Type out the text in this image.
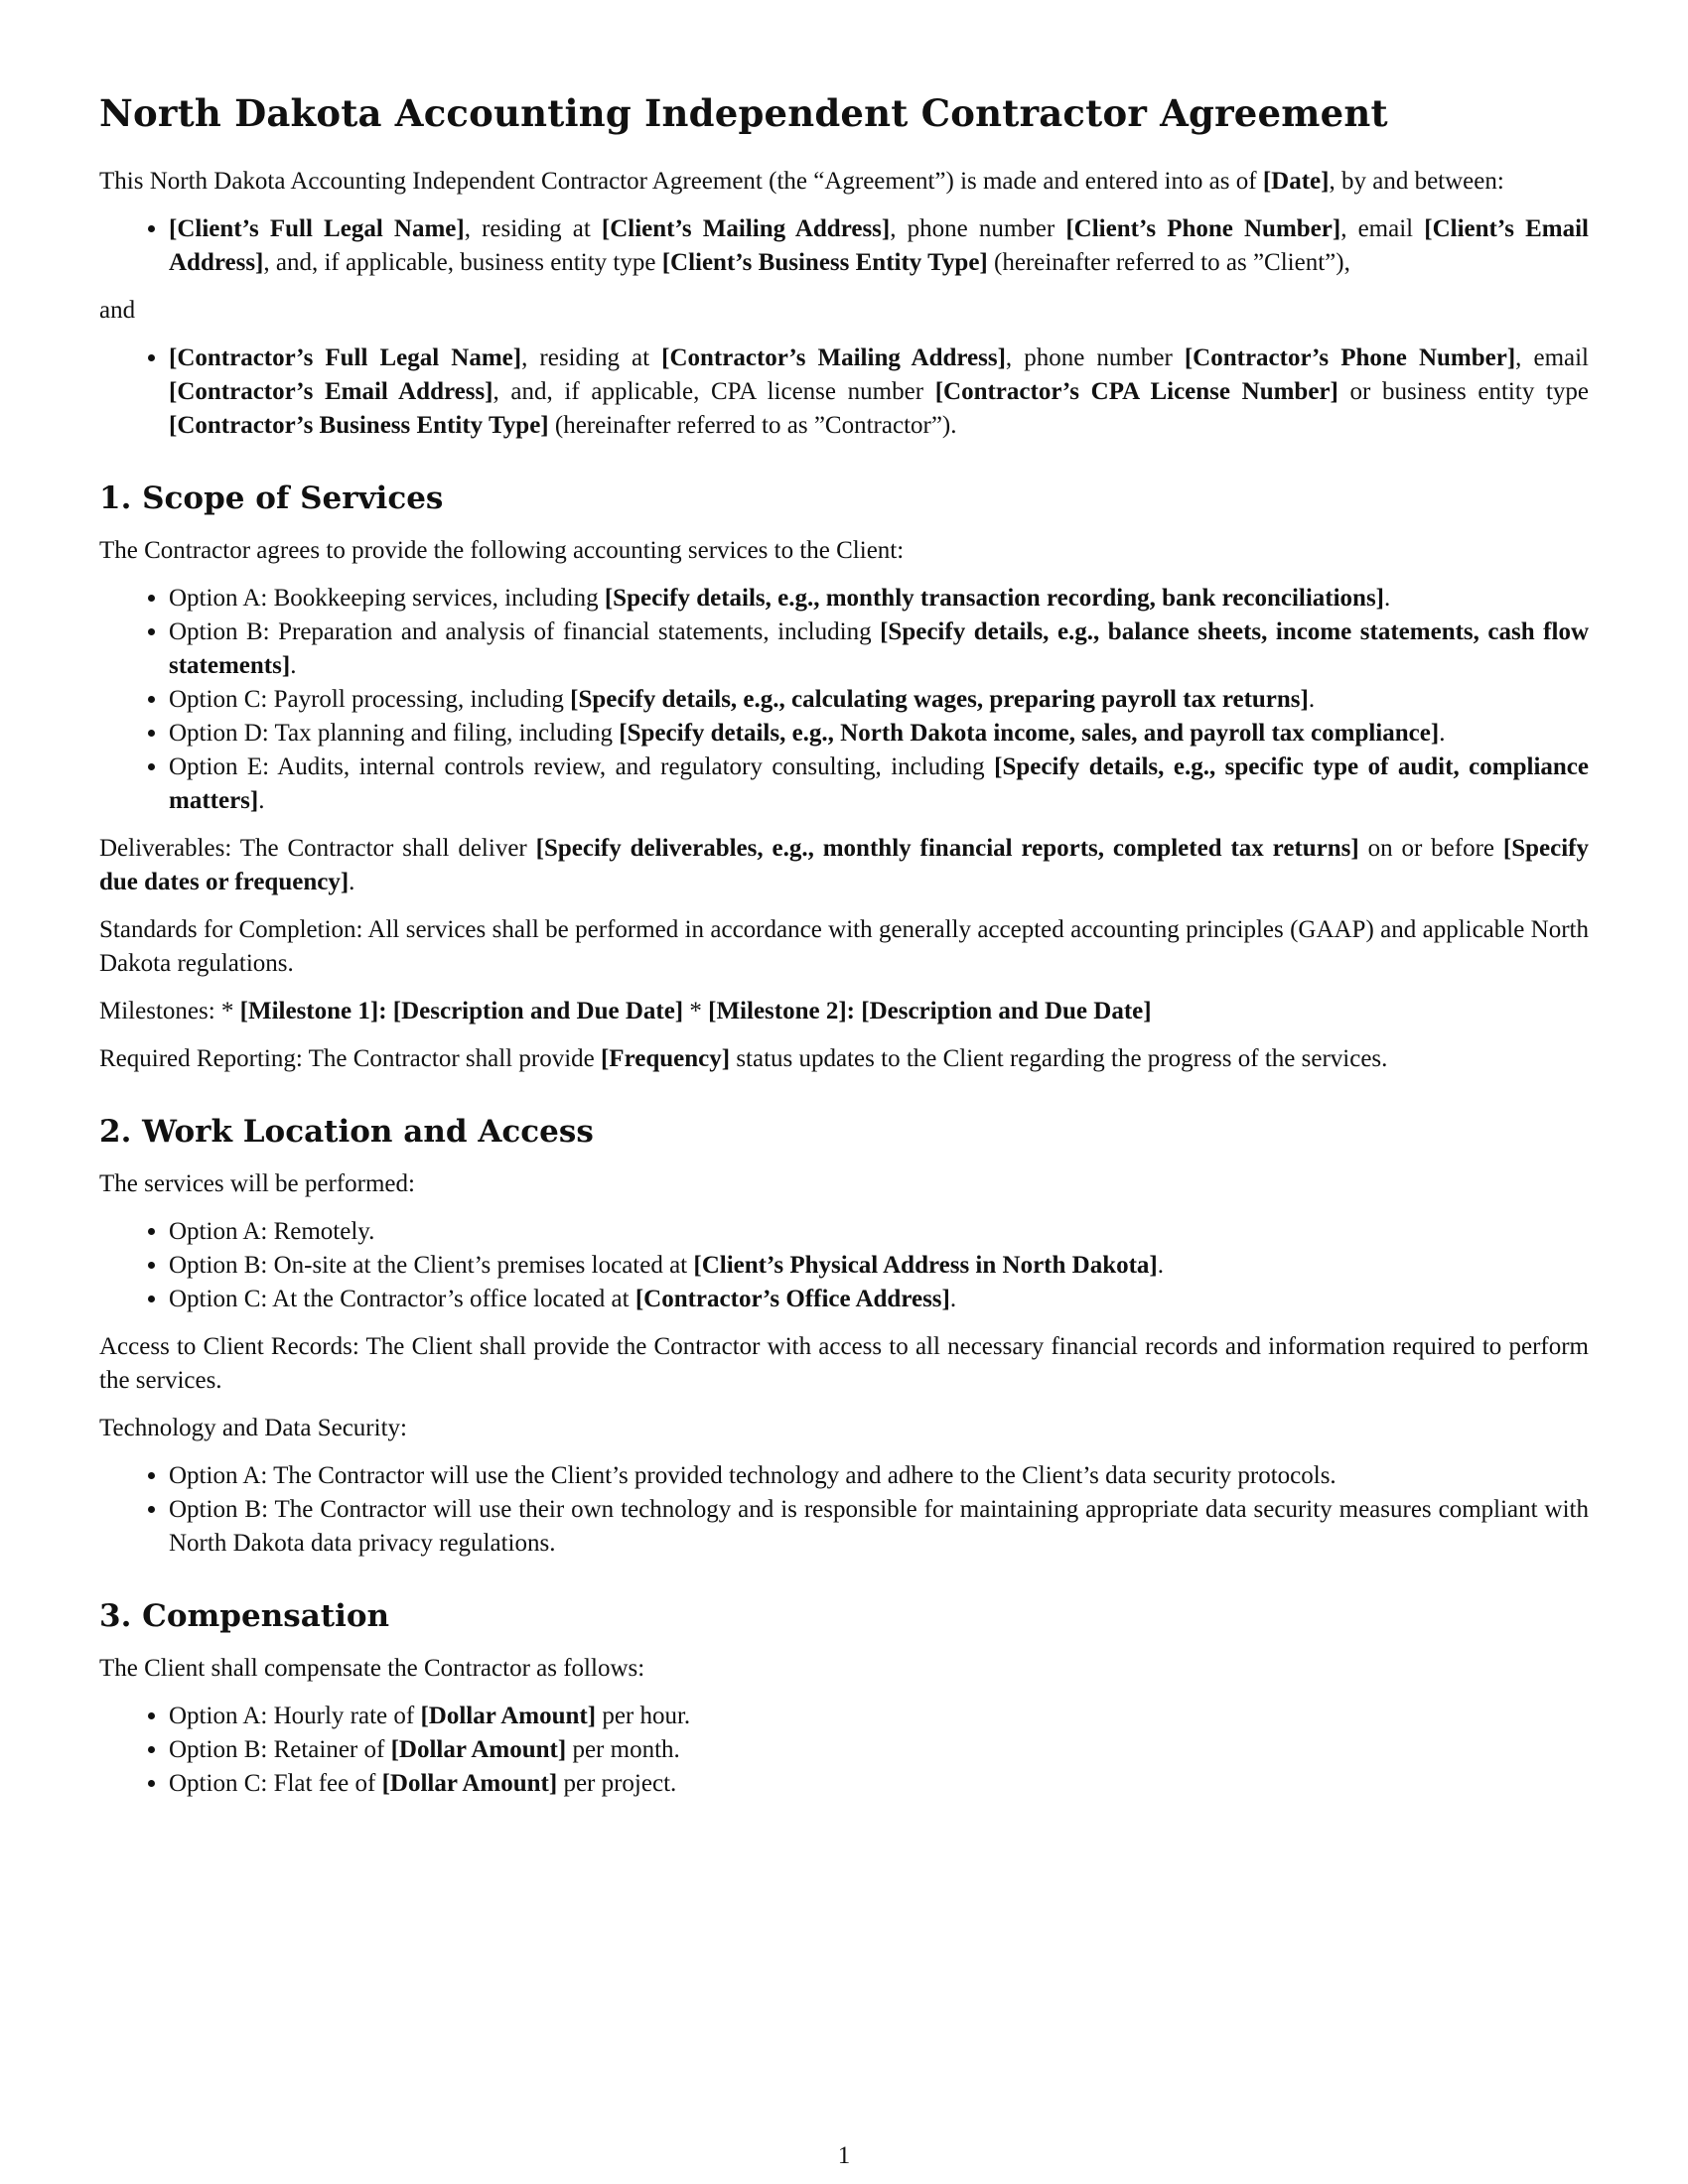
North Dakota Accounting Independent Contractor Agreement

This North Dakota Accounting Independent Contractor Agreement (the “Agreement”) is made and entered into as of [Date], by and between:

• [Client’s Full Legal Name], residing at [Client’s Mailing Address], phone number [Client’s Phone Number], email [Client’s Email Address], and, if applicable, business entity type [Client’s Business Entity Type] (hereinafter referred to as ”Client”),

and

• [Contractor’s Full Legal Name], residing at [Contractor’s Mailing Address], phone number [Contractor’s Phone Number], email [Contractor’s Email Address], and, if applicable, CPA license number [Contractor’s CPA License Number] or business entity type [Contractor’s Business Entity Type] (hereinafter referred to as ”Contractor”).
1. Scope of Services

The Contractor agrees to provide the following accounting services to the Client:

• Option A: Bookkeeping services, including [Specify details, e.g., monthly transaction recording, bank reconciliations].
• Option B: Preparation and analysis of financial statements, including [Specify details, e.g., balance sheets, income statements, cash flow statements].
• Option C: Payroll processing, including [Specify details, e.g., calculating wages, preparing payroll tax returns].
• Option D: Tax planning and filing, including [Specify details, e.g., North Dakota income, sales, and payroll tax compliance].
• Option E: Audits, internal controls review, and regulatory consulting, including [Specify details, e.g., specific type of audit, compliance matters].

Deliverables: The Contractor shall deliver [Specify deliverables, e.g., monthly financial reports, completed tax returns] on or before [Specify due dates or frequency].

Standards for Completion: All services shall be performed in accordance with generally accepted accounting principles (GAAP) and applicable North Dakota regulations.

Milestones: * [Milestone 1]: [Description and Due Date] * [Milestone 2]: [Description and Due Date]

Required Reporting: The Contractor shall provide [Frequency] status updates to the Client regarding the progress of the services.

2. Work Location and Access

The services will be performed:

• Option A: Remotely.
• Option B: On-site at the Client’s premises located at [Client’s Physical Address in North Dakota].
• Option C: At the Contractor’s office located at [Contractor’s Office Address].

Access to Client Records: The Client shall provide the Contractor with access to all necessary financial records and information required to perform the services.

Technology and Data Security:

• Option A: The Contractor will use the Client’s provided technology and adhere to the Client’s data security protocols.
• Option B: The Contractor will use their own technology and is responsible for maintaining appropriate data security measures compliant with North Dakota data privacy regulations.
3. Compensation

The Client shall compensate the Contractor as follows:

• Option A: Hourly rate of [Dollar Amount] per hour.
• Option B: Retainer of [Dollar Amount] per month.
• Option C: Flat fee of [Dollar Amount] per project.
1
